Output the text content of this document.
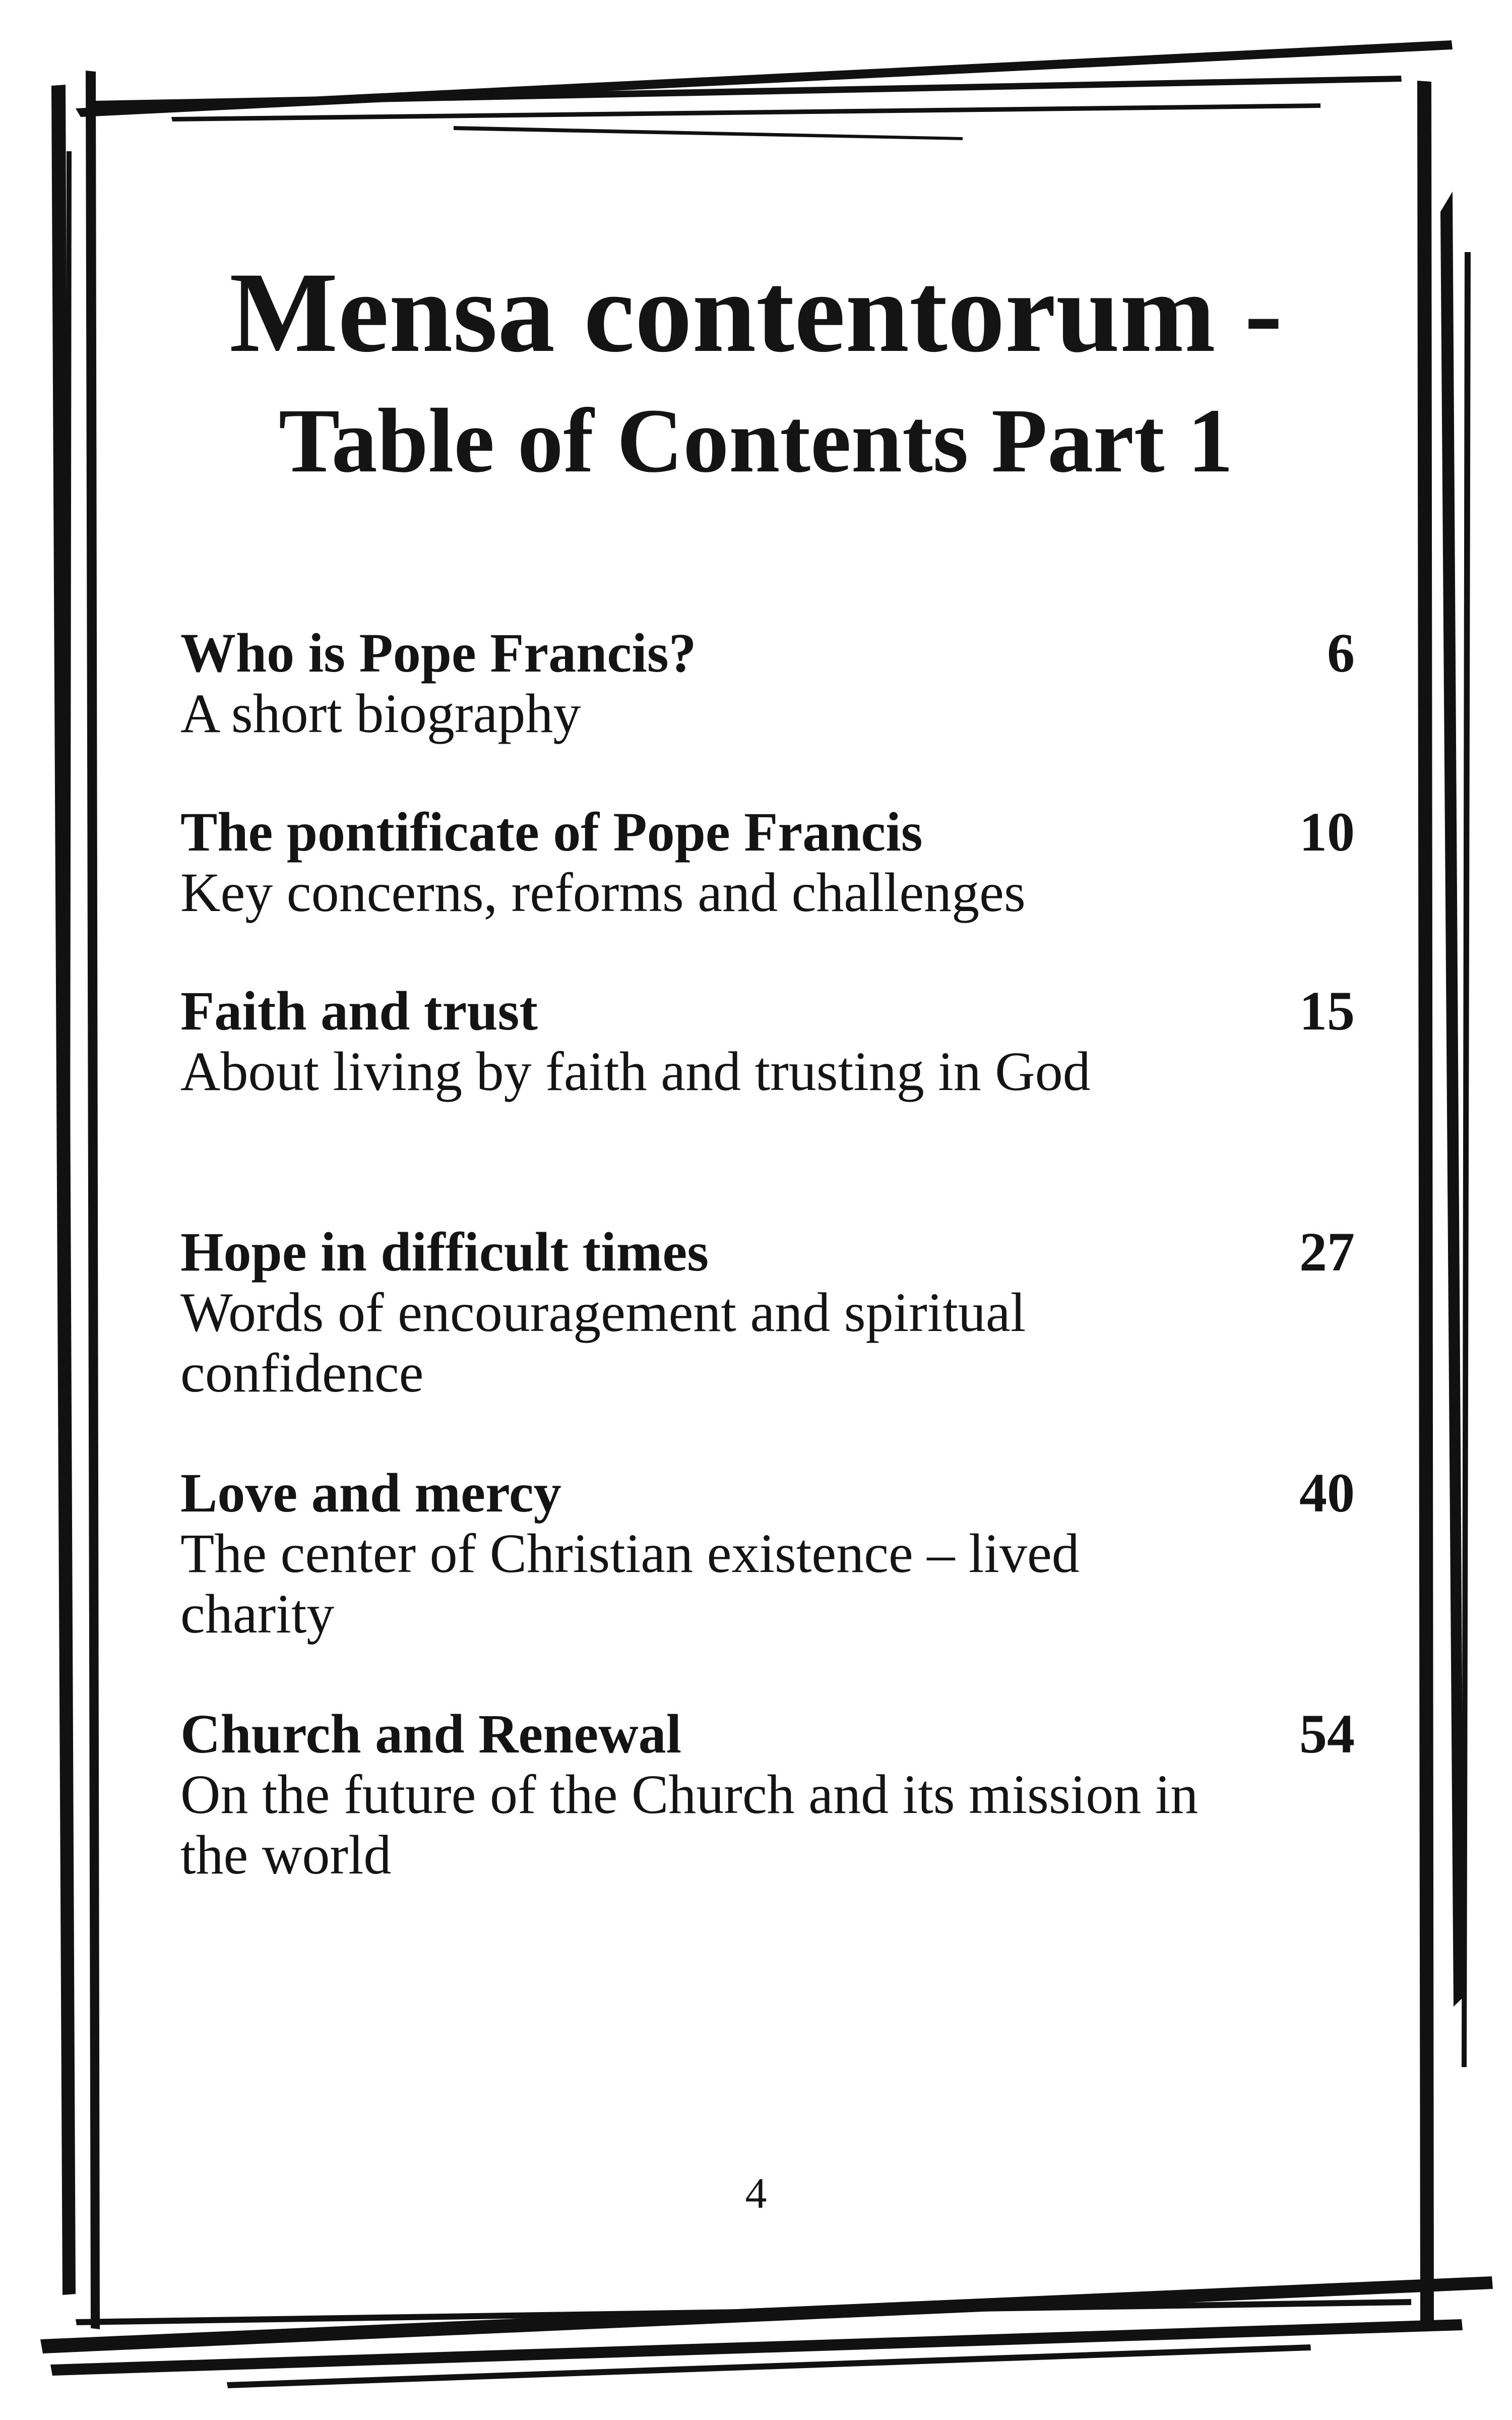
Mensa contentorum -
Table of Contents Part 1
Who is Pope Francis?
A short biography
6
The pontificate of Pope Francis
Key concerns, reforms and challenges
10
Faith and trust
About living by faith and trusting in God
15
Hope in difficult times
Words of encouragement and spiritual confidence
27
Love and mercy
The center of Christian existence – lived charity
40
Church and Renewal
On the future of the Church and its mission in the world
54
4
